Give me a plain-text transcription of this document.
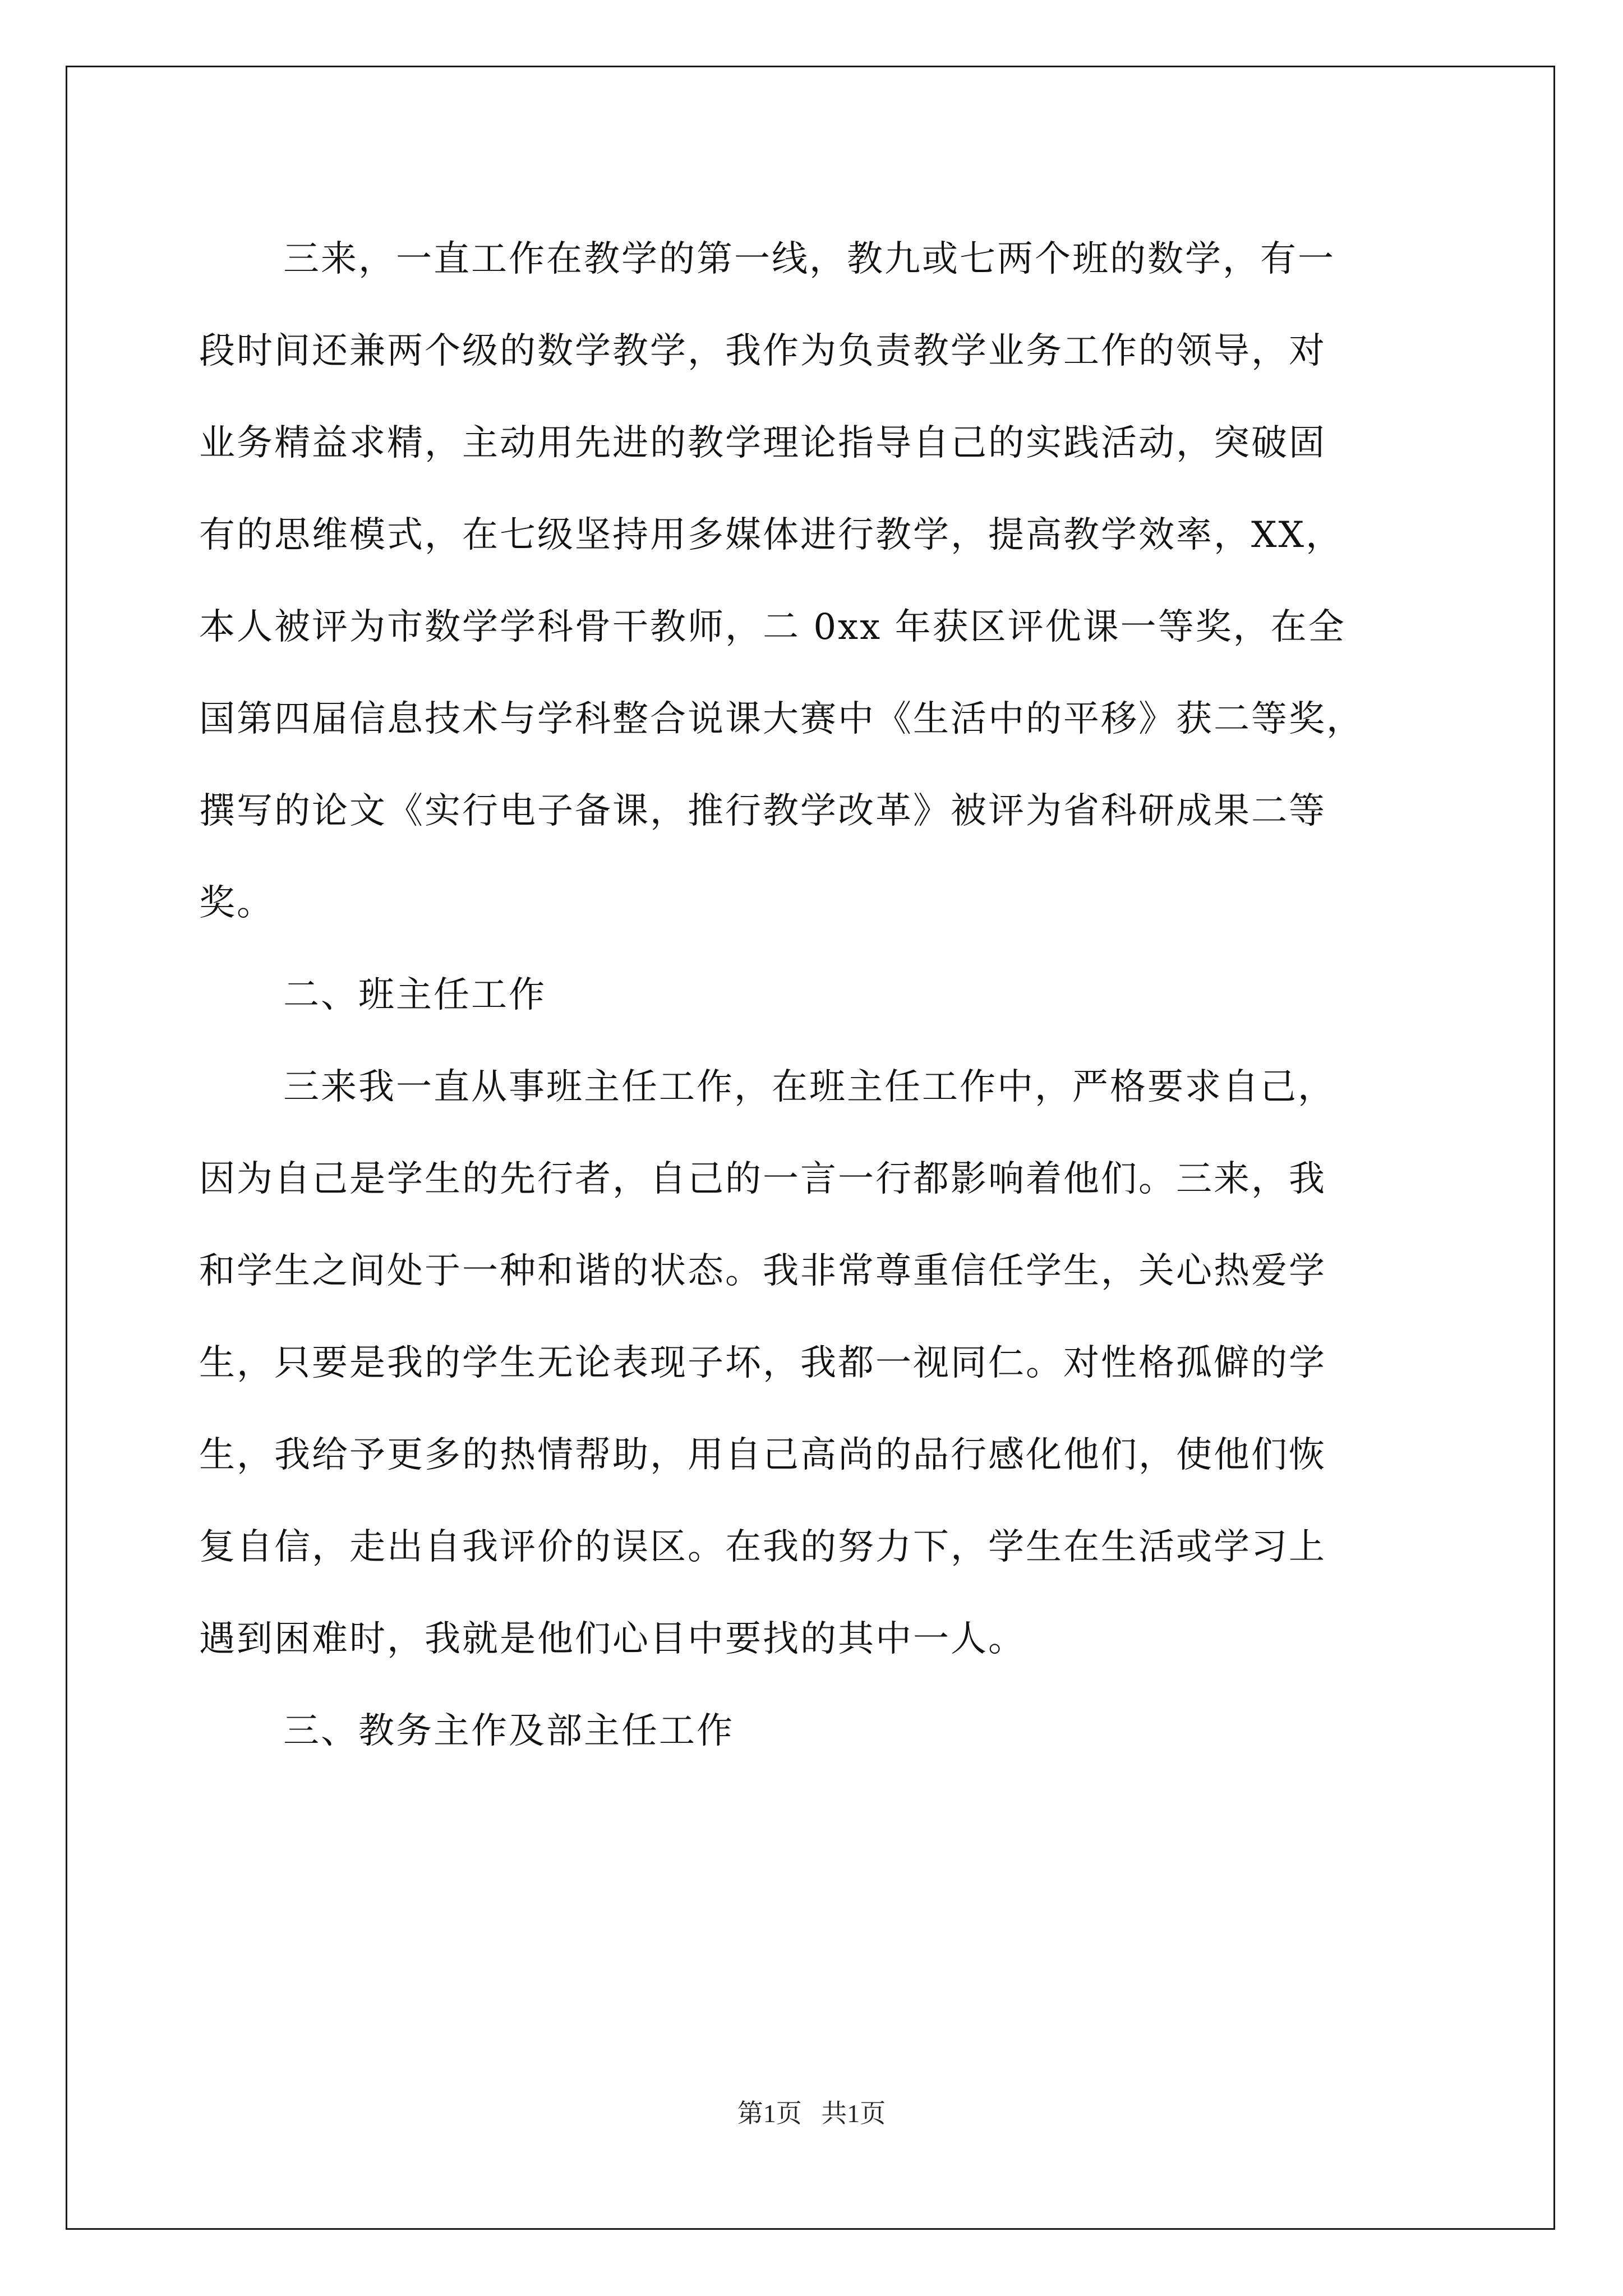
三来，一直工作在教学的第一线，教九或七两个班的数学，有一
段时间还兼两个级的数学教学，我作为负责教学业务工作的领导，对
业务精益求精，主动用先进的教学理论指导自己的实践活动，突破固
有的思维模式，在七级坚持用多媒体进行教学，提高教学效率，XX，
本人被评为市数学学科骨干教师，二 0xx 年获区评优课一等奖，在全
国第四届信息技术与学科整合说课大赛中《生活中的平移》获二等奖，
撰写的论文《实行电子备课，推行教学改革》被评为省科研成果二等
奖。
二、班主任工作
三来我一直从事班主任工作，在班主任工作中，严格要求自己，
因为自己是学生的先行者，自己的一言一行都影响着他们。三来，我
和学生之间处于一种和谐的状态。我非常尊重信任学生，关心热爱学
生，只要是我的学生无论表现子坏，我都一视同仁。对性格孤僻的学
生，我给予更多的热情帮助，用自己高尚的品行感化他们，使他们恢
复自信，走出自我评价的误区。在我的努力下，学生在生活或学习上
遇到困难时，我就是他们心目中要找的其中一人。
三、教务主作及部主任工作
第1页   共1页
